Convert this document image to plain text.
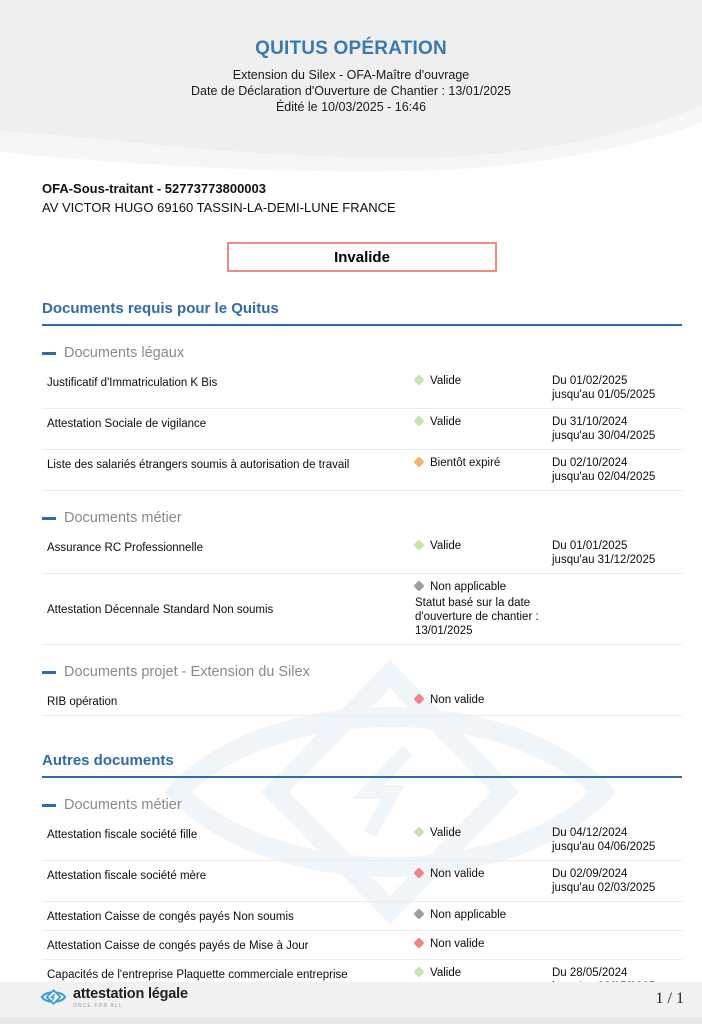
QUITUS OPÉRATION
Extension du Silex - OFA-Maître d'ouvrage
Date de Déclaration d'Ouverture de Chantier : 13/01/2025
Édité le 10/03/2025 - 16:46
OFA-Sous-traitant - 52773773800003
AV VICTOR HUGO 69160 TASSIN-LA-DEMI-LUNE FRANCE
Invalide
Documents requis pour le Quitus
Documents légaux
Justificatif d'Immatriculation K Bis	Valide	Du 01/02/2025
jusqu'au 01/05/2025
Attestation Sociale de vigilance	Valide	Du 31/10/2024
jusqu'au 30/04/2025
Liste des salariés étrangers soumis à autorisation de travail	Bientôt expiré	Du 02/10/2024
jusqu'au 02/04/2025
Documents métier
Assurance RC Professionnelle	Valide	Du 01/01/2025
jusqu'au 31/12/2025
Attestation Décennale Standard Non soumis
Non applicable
Statut basé sur la date d'ouverture de chantier : 13/01/2025
Documents projet - Extension du Silex
RIB opération	Non valide
Autres documents
Documents métier
Attestation fiscale société fille	Valide	Du 04/12/2024
jusqu'au 04/06/2025
Attestation fiscale société mère	Non valide	Du 02/09/2024
jusqu'au 02/03/2025
Attestation Caisse de congés payés Non soumis	Non applicable
Attestation Caisse de congés payés de Mise à Jour	Non valide
Capacités de l'entreprise Plaquette commerciale entreprise	Valide	Du 28/05/2024
attestation légale
ONCE FOR ALL	1 / 1
